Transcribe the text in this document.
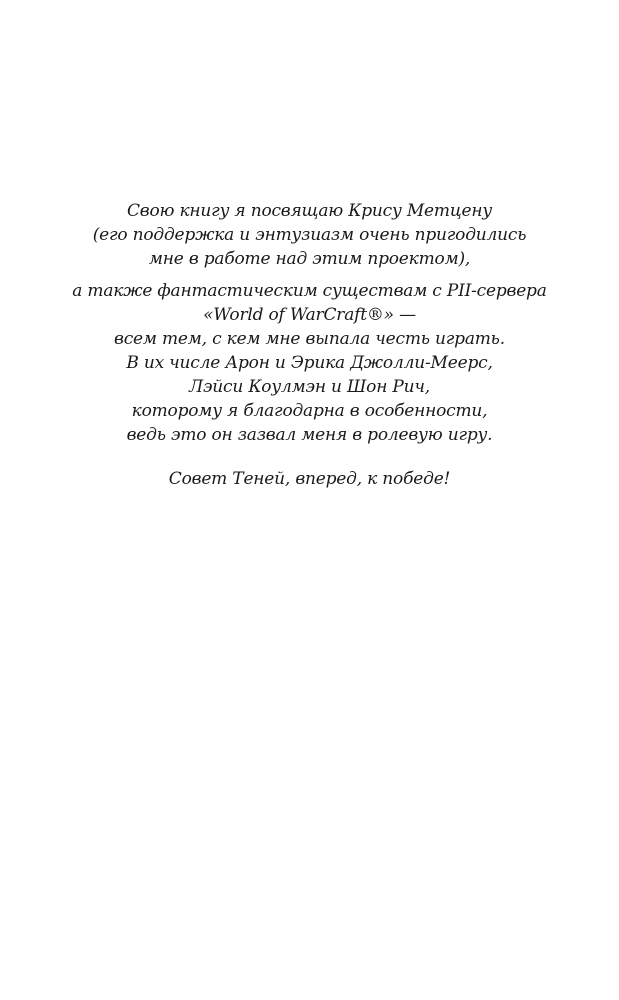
Свою книгу я посвящаю Крису Метцену
(его поддержка и энтузиазм очень пригодились
мне в работе над этим проектом),
а также фантастическим существам с PII-сервера
«World of WarCraft®» —
всем тем, с кем мне выпала честь играть.
В их числе Арон и Эрика Джолли-Меерс,
Лэйси Коулмэн и Шон Рич,
которому я благодарна в особенности,
ведь это он зазвал меня в ролевую игру.
Совет Теней, вперед, к победе!
